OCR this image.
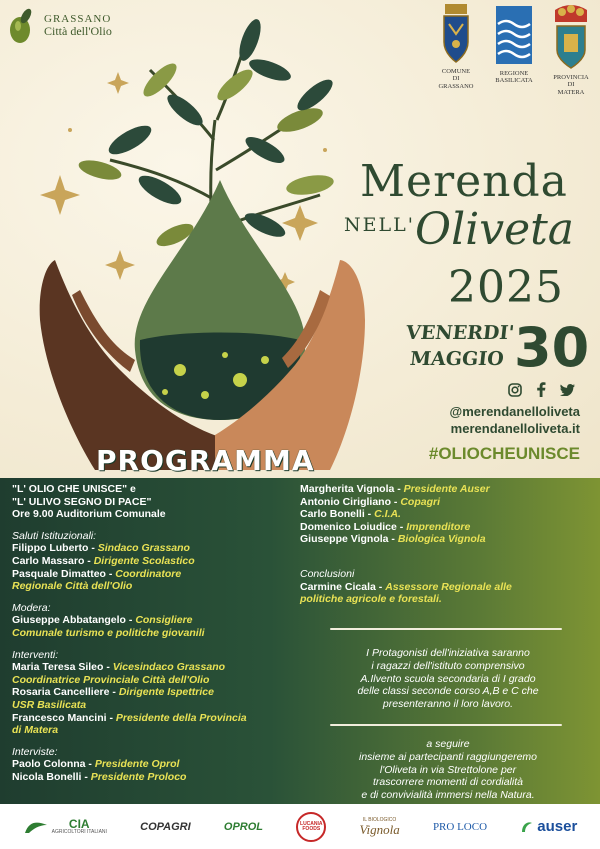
GRASSANO
Città dell'Olio
COMUNE
DI
GRASSANO
REGIONE
BASILICATA	PROVINCIA
DI
MATERA
Merenda
NELL' Oliveta
2025
VENERDI'
MAGGIO 30
@merendanelloliveta
merendanelloliveta.it
#OLIOCHEUNISCE
PROGRAMMA
"L' OLIO CHE UNISCE" e
"L' ULIVO SEGNO DI PACE"
Ore 9.00 Auditorium Comunale
Saluti Istituzionali:
Filippo Luberto - Sindaco Grassano
Carlo Massaro - Dirigente Scolastico
Pasquale Dimatteo - Coordinatore
Regionale Città dell'Olio
Modera:
Giuseppe Abbatangelo - Consigliere
Comunale turismo e politiche giovanili
Interventi:
Maria Teresa Sileo - Vicesindaco Grassano
Coordinatrice Provinciale Città dell'Olio
Rosaria Cancelliere - Dirigente Ispettrice
USR Basilicata
Francesco Mancini - Presidente della Provincia
di Matera
Interviste:
Paolo Colonna - Presidente Oprol
Nicola Bonelli - Presidente Proloco
Margherita Vignola - Presidente Auser
Antonio Cirigliano - Copagri
Carlo Bonelli - C.I.A.
Domenico Loiudice - Imprenditore
Giuseppe Vignola - Biologica Vignola
Conclusioni
Carmine Cicala - Assessore Regionale alle
politiche agricole e forestali.
I Protagonisti dell'iniziativa saranno
i ragazzi dell'istituto comprensivo
A.Ilvento scuola secondaria di I grado
delle classi seconde corso A,B e C che
presenteranno il loro lavoro.
a seguire
insieme ai partecipanti raggiungeremo
l'Oliveta in via Strettolone per
trascorrere momenti di cordialità
e di convivialità immersi nella Natura.
CIA
AGRICOLTORI ITALIANI	COPAGRI	OPROL	LUCANIA
FOODS
IL BIOLOGICO
Vignola	PRO LOCO	auser
